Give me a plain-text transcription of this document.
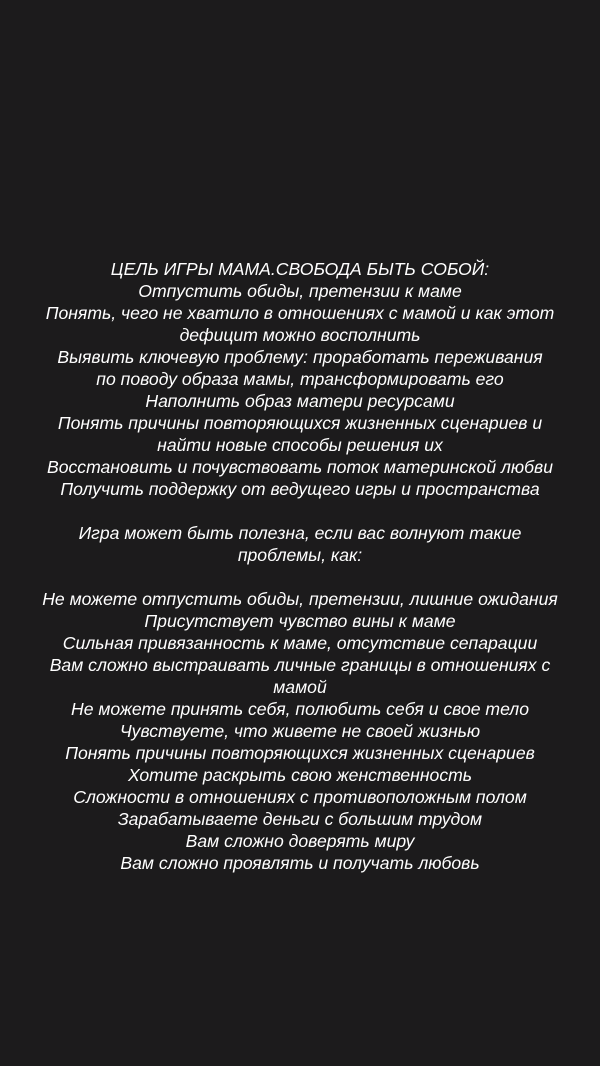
ЦЕЛЬ ИГРЫ МАМА.СВОБОДА БЫТЬ СОБОЙ:
Отпустить обиды, претензии к маме
Понять, чего не хватило в отношениях с мамой и как этот
дефицит можно восполнить
Выявить ключевую проблему: проработать переживания
по поводу образа мамы, трансформировать его
Наполнить образ матери ресурсами
Понять причины повторяющихся жизненных сценариев и
найти новые способы решения их
Восстановить и почувствовать поток материнской любви
Получить поддержку от ведущего игры и пространства
Игра может быть полезна, если вас волнуют такие
проблемы, как:
Не можете отпустить обиды, претензии, лишние ожидания
Присутствует чувство вины к маме
Сильная привязанность к маме, отсутствие сепарации
Вам сложно выстраивать личные границы в отношениях с
мамой
Не можете принять себя, полюбить себя и свое тело
Чувствуете, что живете не своей жизнью
Понять причины повторяющихся жизненных сценариев
Хотите раскрыть свою женственность
Сложности в отношениях с противоположным полом
Зарабатываете деньги с большим трудом
Вам сложно доверять миру
Вам сложно проявлять и получать любовь
